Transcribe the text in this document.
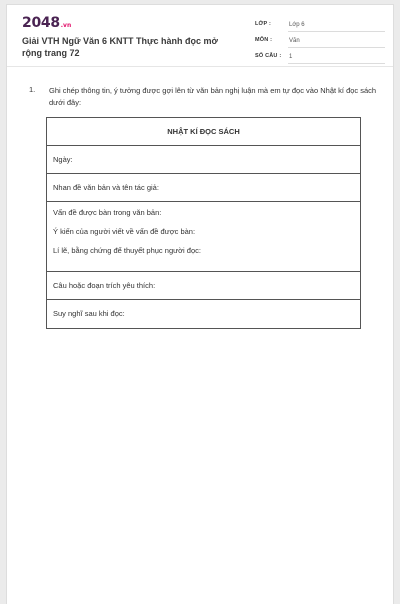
2048.vn
Giải VTH Ngữ Văn 6 KNTT Thực hành đọc mở rộng trang 72
LỚP :	Lớp 6
MÔN :	Văn
SỐ CÂU : 1
1. Ghi chép thông tin, ý tưởng được gợi lên từ văn bản nghị luận mà em tự đọc vào Nhật kí đọc sách dưới đây:
NHẬT KÍ ĐỌC SÁCH
Ngày:
Nhan đề văn bản và tên tác giả:
Vấn đề được bàn trong văn bản:
Ý kiến của người viết về vấn đề được bàn:
Lí lẽ, bằng chứng để thuyết phục người đọc:
Câu hoặc đoạn trích yêu thích:
Suy nghĩ sau khi đọc:
